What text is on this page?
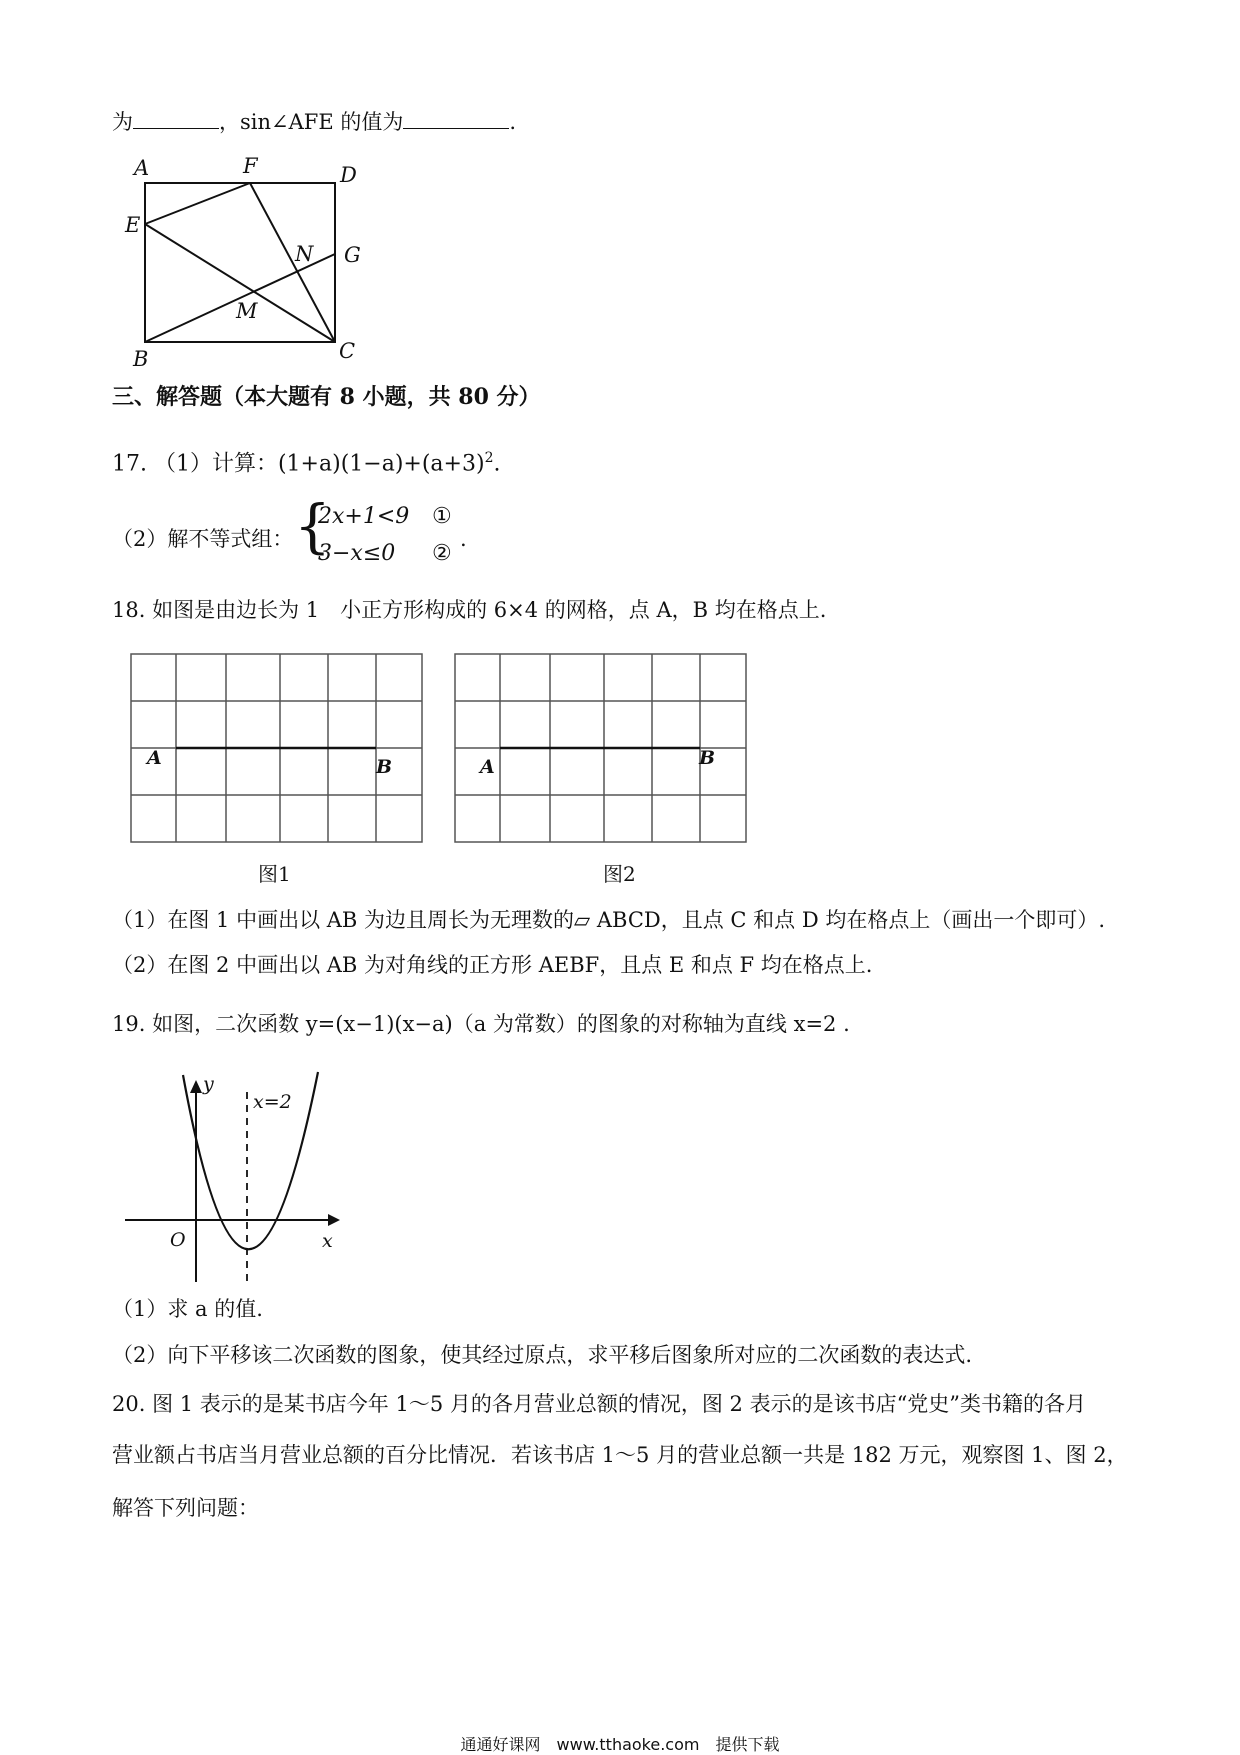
为	，sin∠AFE 的值为	.
A	F	D
E
N G
M
B	C
A	B	A	B
图1	图2
y
x
O
x=2
三、解答题（本大题有 8 小题，共 80 分）
17. （1）计算：$(1+a)(1-a)+(a+3)^2$.
（2）解不等式组： {
2x+1<9 ①
3−x≤0 ②
.
18. 如图是由边长为 1　小正方形构成的 6×4 的网格，点 A，B 均在格点上.
（1）在图 1 中画出以 AB 为边且周长为无理数的▱ ABCD，且点 C 和点 D 均在格点上（画出一个即可）.
（2）在图 2 中画出以 AB 为对角线的正方形 AEBF，且点 E 和点 F 均在格点上.
19. 如图，二次函数 y=(x−1)(x−a)（a 为常数）的图象的对称轴为直线 x=2 .
（1）求 a 的值.
（2）向下平移该二次函数的图象，使其经过原点，求平移后图象所对应的二次函数的表达式.
20. 图 1 表示的是某书店今年 1～5 月的各月营业总额的情况，图 2 表示的是该书店“党史”类书籍的各月
营业额占书店当月营业总额的百分比情况．若该书店 1～5 月的营业总额一共是 182 万元，观察图 1、图 2，
解答下列问题：
通通好课网　www.tthaoke.com　提供下载
